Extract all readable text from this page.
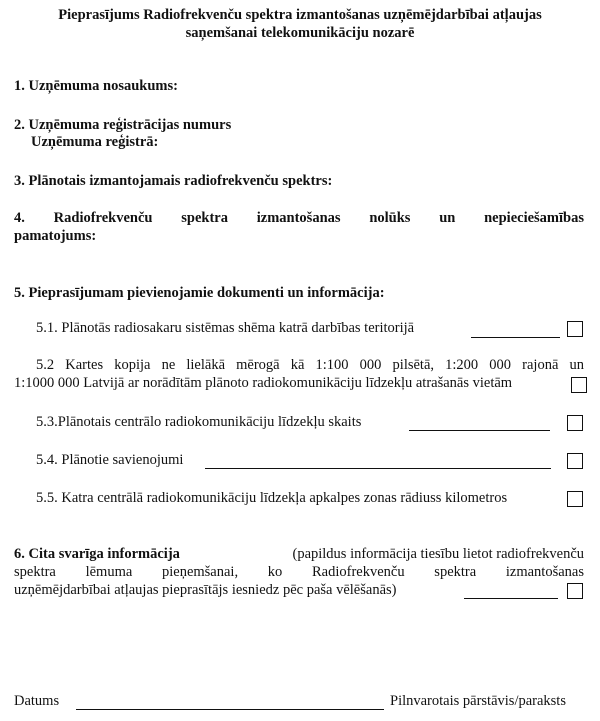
Pieprasījums Radiofrekvenču spektra izmantošanas uzņēmējdarbībai atļaujas
saņemšanai telekomunikāciju nozarē
1. Uzņēmuma nosaukums:
2. Uzņēmuma reģistrācijas numurs
Uzņēmuma reģistrā:
3. Plānotais izmantojamais radiofrekvenču spektrs:
4. Radiofrekvenču spektra izmantošanas nolūks un nepieciešamības
pamatojums:
5. Pieprasījumam pievienojamie dokumenti un informācija:
5.1. Plānotās radiosakaru sistēmas shēma katrā darbības teritorijā
5.2 Kartes kopija ne lielākā mērogā kā 1:100 000 pilsētā, 1:200 000 rajonā un
1:1000 000 Latvijā ar norādītām plānoto radiokomunikāciju līdzekļu atrašanās vietām
5.3.Plānotais centrālo radiokomunikāciju līdzekļu skaits
5.4. Plānotie savienojumi
5.5. Katra centrālā radiokomunikāciju līdzekļa apkalpes zonas rādiuss kilometros
6. Cita svarīga informācija	(papildus informācija tiesību lietot radiofrekvenču
spektra lēmuma pieņemšanai, ko Radiofrekvenču spektra izmantošanas
uzņēmējdarbībai atļaujas pieprasītājs iesniedz pēc paša vēlēšanās)
Datums	Pilnvarotais pārstāvis/paraksts
